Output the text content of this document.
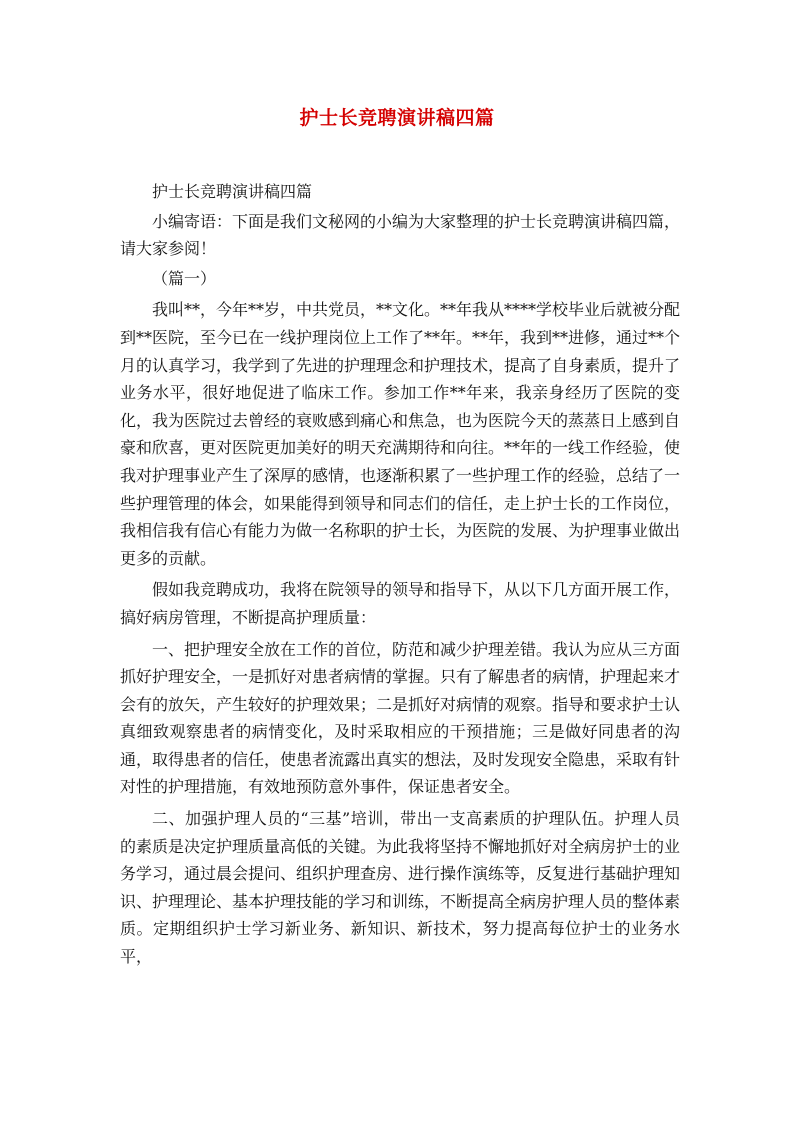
护士长竞聘演讲稿四篇

护士长竞聘演讲稿四篇

小编寄语：下面是我们文秘网的小编为大家整理的护士长竞聘演讲稿四篇，请大家参阅！

（篇一）

我叫**，今年**岁，中共党员，**文化。**年我从****学校毕业后就被分配到**医院，至今已在一线护理岗位上工作了**年。**年，我到**进修，通过**个月的认真学习，我学到了先进的护理理念和护理技术，提高了自身素质，提升了业务水平，很好地促进了临床工作。参加工作**年来，我亲身经历了医院的变化，我为医院过去曾经的衰败感到痛心和焦急，也为医院今天的蒸蒸日上感到自豪和欣喜，更对医院更加美好的明天充满期待和向往。**年的一线工作经验，使我对护理事业产生了深厚的感情，也逐渐积累了一些护理工作的经验，总结了一些护理管理的体会，如果能得到领导和同志们的信任，走上护士长的工作岗位，我相信我有信心有能力为做一名称职的护士长，为医院的发展、为护理事业做出更多的贡献。

假如我竞聘成功，我将在院领导的领导和指导下，从以下几方面开展工作，搞好病房管理，不断提高护理质量：

一、把护理安全放在工作的首位，防范和减少护理差错。我认为应从三方面抓好护理安全，一是抓好对患者病情的掌握。只有了解患者的病情，护理起来才会有的放矢，产生较好的护理效果；二是抓好对病情的观察。指导和要求护士认真细致观察患者的病情变化，及时采取相应的干预措施；三是做好同患者的沟通，取得患者的信任，使患者流露出真实的想法，及时发现安全隐患，采取有针对性的护理措施，有效地预防意外事件，保证患者安全。

二、加强护理人员的“三基”培训，带出一支高素质的护理队伍。护理人员的素质是决定护理质量高低的关键。为此我将坚持不懈地抓好对全病房护士的业务学习，通过晨会提问、组织护理查房、进行操作演练等，反复进行基础护理知识、护理理论、基本护理技能的学习和训练，不断提高全病房护理人员的整体素质。定期组织护士学习新业务、新知识、新技术，努力提高每位护士的业务水平，
